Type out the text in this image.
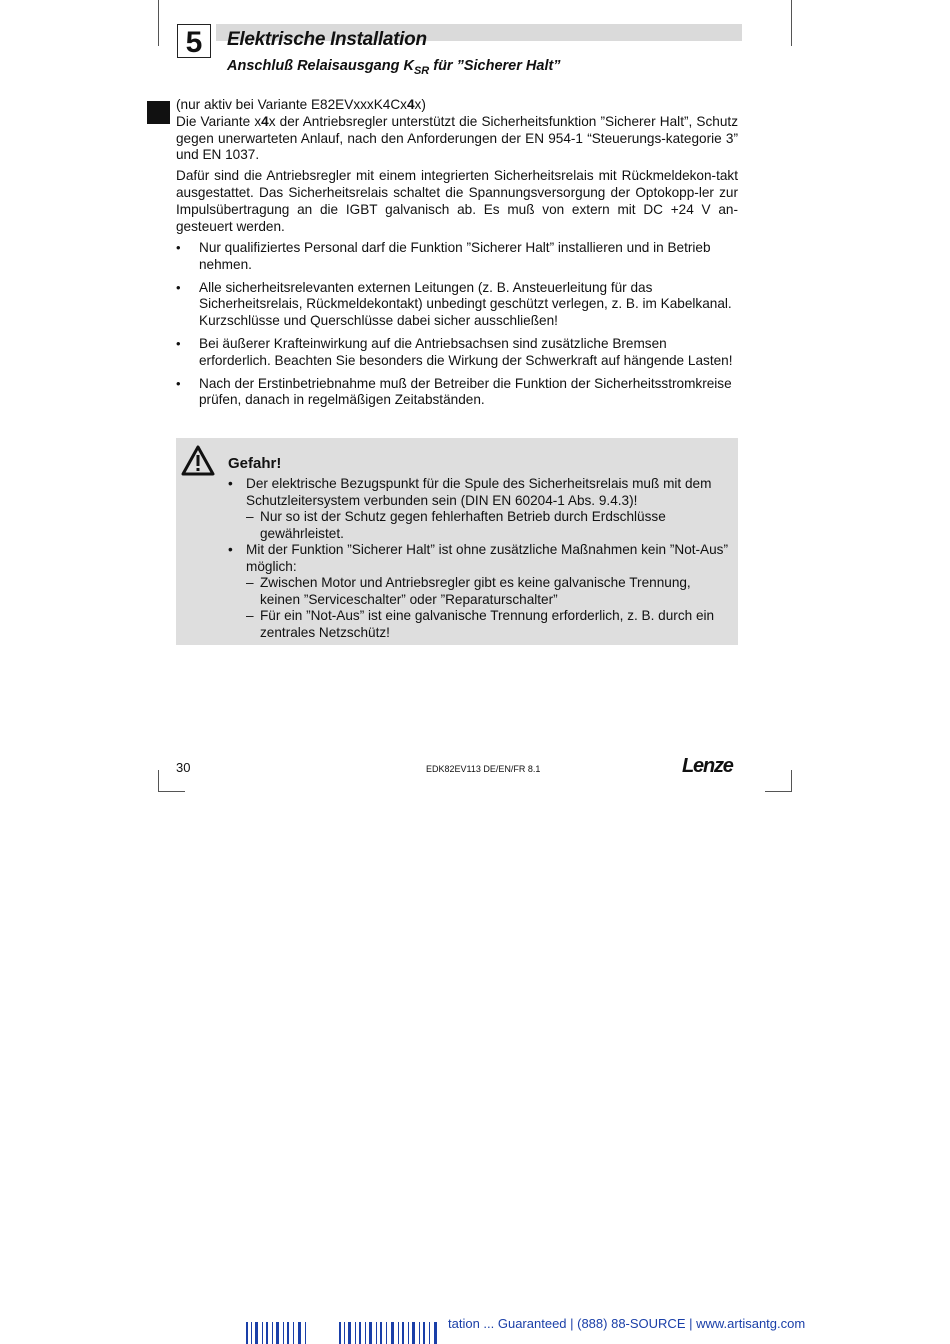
5	Elektrische Installation
Anschluß Relaisausgang $K_{SR}$ für ”Sicherer Halt”

(nur aktiv bei Variante E82EVxxxK4Cx4x)

Die Variante x4x der Antriebsregler unterstützt die Sicherheitsfunktion ”Sicherer Halt”, Schutz gegen unerwarteten Anlauf, nach den Anforderungen der EN 954-1 “Steuerungs-kategorie 3” und EN 1037.

Dafür sind die Antriebsregler mit einem integrierten Sicherheitsrelais mit Rückmeldekon-takt ausgestattet. Das Sicherheitsrelais schaltet die Spannungsversorgung der Optokopp-ler zur Impulsübertragung an die IGBT galvanisch ab. Es muß von extern mit DC +24 V an-gesteuert werden.

• Nur qualifiziertes Personal darf die Funktion ”Sicherer Halt” installieren und in Betrieb nehmen.
• Alle sicherheitsrelevanten externen Leitungen (z. B. Ansteuerleitung für das Sicherheitsrelais, Rückmeldekontakt) unbedingt geschützt verlegen, z. B. im Kabelkanal. Kurzschlüsse und Querschlüsse dabei sicher ausschließen!
• Bei äußerer Krafteinwirkung auf die Antriebsachsen sind zusätzliche Bremsen erforderlich. Beachten Sie besonders die Wirkung der Schwerkraft auf hängende Lasten!
• Nach der Erstinbetriebnahme muß der Betreiber die Funktion der Sicherheitsstromkreise prüfen, danach in regelmäßigen Zeitabständen.
Gefahr!
• Der elektrische Bezugspunkt für die Spule des Sicherheitsrelais muß mit dem Schutzleitersystem verbunden sein (DIN EN 60204-1 Abs. 9.4.3)!
– Nur so ist der Schutz gegen fehlerhaften Betrieb durch Erdschlüsse gewährleistet.
• Mit der Funktion ”Sicherer Halt” ist ohne zusätzliche Maßnahmen kein ”Not-Aus” möglich:
– Zwischen Motor und Antriebsregler gibt es keine galvanische Trennung, keinen ”Serviceschalter” oder ”Reparaturschalter”
– Für ein ”Not-Aus” ist eine galvanische Trennung erforderlich, z. B. durch ein zentrales Netzschütz!
30	EDK82EV113 DE/EN/FR 8.1	Lenze
tation ... Guaranteed | (888) 88-SOURCE | www.artisantg.com
